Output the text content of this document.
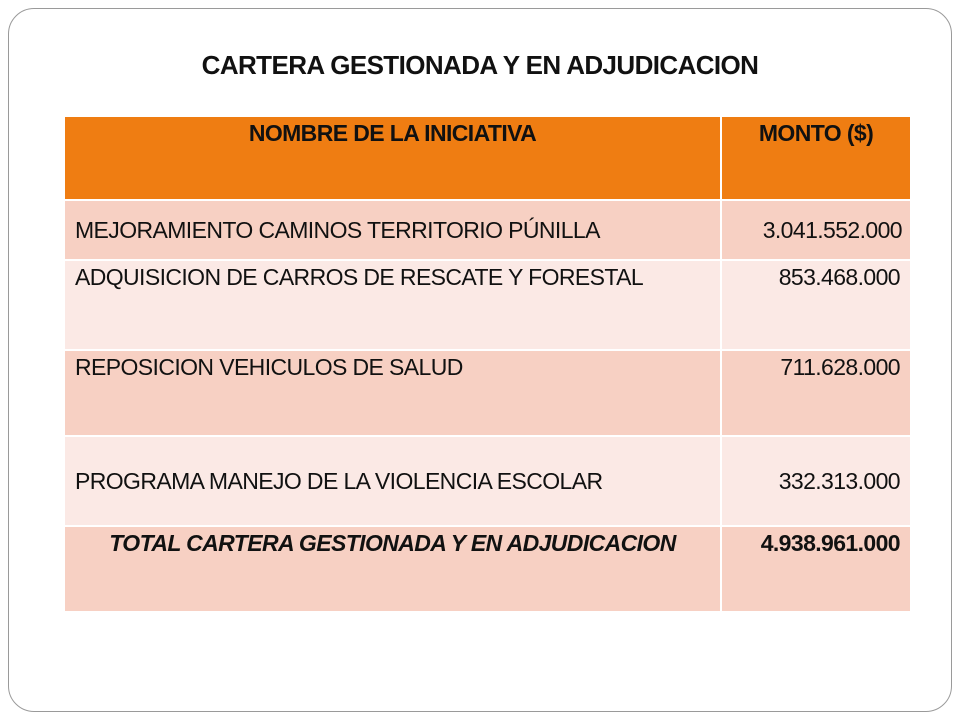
CARTERA GESTIONADA Y EN ADJUDICACION
NOMBRE DE LA INICIATIVA	MONTO ($)
MEJORAMIENTO CAMINOS TERRITORIO PÚNILLA	3.041.552.000
ADQUISICION DE CARROS DE RESCATE Y FORESTAL	853.468.000
REPOSICION VEHICULOS DE SALUD	711.628.000
PROGRAMA MANEJO DE LA VIOLENCIA ESCOLAR	332.313.000
TOTAL CARTERA GESTIONADA Y EN ADJUDICACION	4.938.961.000
